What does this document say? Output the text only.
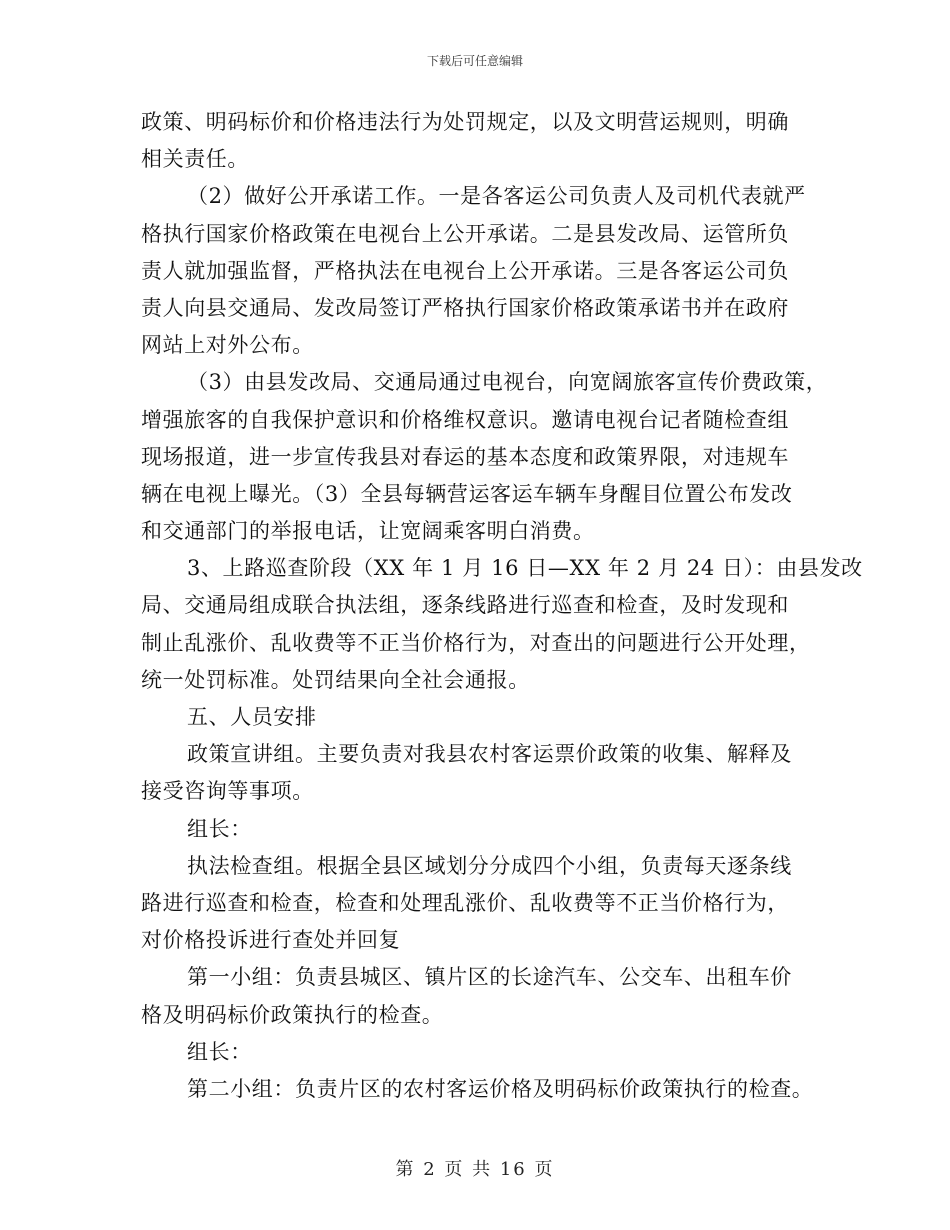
下载后可任意编辑
政策、明码标价和价格违法行为处罚规定，以及文明营运规则，明确
相关责任。
（2）做好公开承诺工作。一是各客运公司负责人及司机代表就严
格执行国家价格政策在电视台上公开承诺。二是县发改局、运管所负
责人就加强监督，严格执法在电视台上公开承诺。三是各客运公司负
责人向县交通局、发改局签订严格执行国家价格政策承诺书并在政府
网站上对外公布。
（3）由县发改局、交通局通过电视台，向宽阔旅客宣传价费政策，
增强旅客的自我保护意识和价格维权意识。邀请电视台记者随检查组
现场报道，进一步宣传我县对春运的基本态度和政策界限，对违规车
辆在电视上曝光。（3）全县每辆营运客运车辆车身醒目位置公布发改
和交通部门的举报电话，让宽阔乘客明白消费。
3、上路巡查阶段（XX 年 1 月 16 日—XX 年 2 月 24 日）：由县发改
局、交通局组成联合执法组，逐条线路进行巡查和检查，及时发现和
制止乱涨价、乱收费等不正当价格行为，对查出的问题进行公开处理，
统一处罚标准。处罚结果向全社会通报。
五、人员安排
政策宣讲组。主要负责对我县农村客运票价政策的收集、解释及
接受咨询等事项。
组长：
执法检查组。根据全县区域划分分成四个小组，负责每天逐条线
路进行巡查和检查，检查和处理乱涨价、乱收费等不正当价格行为，
对价格投诉进行查处并回复
第一小组：负责县城区、镇片区的长途汽车、公交车、出租车价
格及明码标价政策执行的检查。
组长：
第二小组：负责片区的农村客运价格及明码标价政策执行的检查。
第 2 页 共 16 页
